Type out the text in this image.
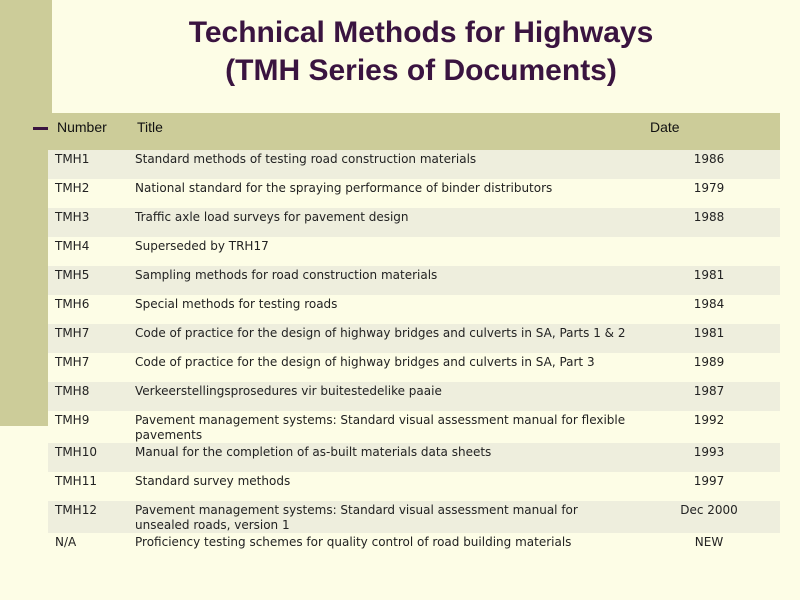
Technical Methods for Highways
(TMH Series of Documents)
Number	Title	Date
TMH1	Standard methods of testing road construction materials	1986
TMH2	National standard for the spraying performance of binder distributors	1979
TMH3	Traffic axle load surveys for pavement design	1988
TMH4	Superseded by TRH17	
TMH5	Sampling methods for road construction materials	1981
TMH6	Special methods for testing roads	1984
TMH7	Code of practice for the design of highway bridges and culverts in SA, Parts 1 & 2	1981
TMH7	Code of practice for the design of highway bridges and culverts in SA, Part 3	1989
TMH8	Verkeerstellingsprosedures vir buitestedelike paaie	1987
TMH9	Pavement management systems: Standard visual assessment manual for flexible pavements	1992
TMH10	Manual for the completion of as-built materials data sheets	1993
TMH11	Standard survey methods	1997
TMH12	Pavement management systems: Standard visual assessment manual for unsealed roads, version 1	Dec 2000
N/A	Proficiency testing schemes for quality control of road building materials	NEW
